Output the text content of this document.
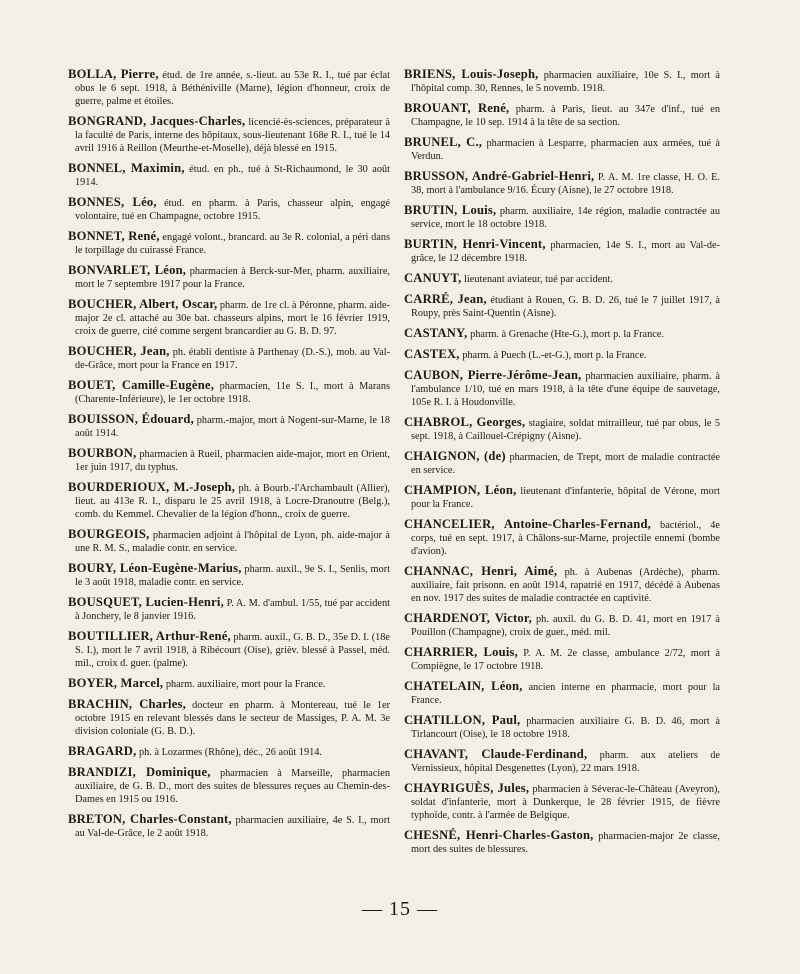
BOLLA, Pierre, étud. de 1re année, s.-lieut. au 53e R. I., tué par éclat obus le 6 sept. 1918, à Béthéniville (Marne), légion d'honneur, croix de guerre, palme et étoiles.
BONGRAND, Jacques-Charles, licencié-ès-sciences, préparateur à la faculté de Paris, interne des hôpitaux, sous-lieutenant 168e R. I., tué le 14 avril 1916 à Reillon (Meurthe-et-Moselle), déjà blessé en 1915.
BONNEL, Maximin, étud. en ph., tué à St-Richaumond, le 30 août 1914.
BONNES, Léo, étud. en pharm. à Paris, chasseur alpin, engagé volontaire, tué en Champagne, octobre 1915.
BONNET, René, engagé volont., brancard. au 3e R. colonial, a péri dans le torpillage du cuirassé France.
BONVARLET, Léon, pharmacien à Berck-sur-Mer, pharm. auxiliaire, mort le 7 septembre 1917 pour la France.
BOUCHER, Albert, Oscar, pharm. de 1re cl. à Péronne, pharm. aide-major 2e cl. attaché au 30e bat. chasseurs alpins, mort le 16 février 1919, croix de guerre, cité comme sergent brancardier au G. B. D. 97.
BOUCHER, Jean, ph. établi dentiste à Parthenay (D.-S.), mob. au Val-de-Grâce, mort pour la France en 1917.
BOUET, Camille-Eugène, pharmacien, 11e S. I., mort à Marans (Charente-Inférieure), le 1er octobre 1918.
BOUISSON, Édouard, pharm.-major, mort à Nogent-sur-Marne, le 18 août 1914.
BOURBON, pharmacien à Rueil, pharmacien aide-major, mort en Orient, 1er juin 1917, du typhus.
BOURDERIOUX, M.-Joseph, ph. à Bourb.-l'Archambault (Allier), lieut. au 413e R. I., disparu le 25 avril 1918, à Locre-Dranoutre (Belg.), comb. du Kemmel. Chevalier de la légion d'honn., croix de guerre.
BOURGEOIS, pharmacien adjoint à l'hôpital de Lyon, ph. aide-major à une R. M. S., maladie contr. en service.
BOURY, Léon-Eugène-Marius, pharm. auxil., 9e S. I., Senlis, mort le 3 août 1918, maladie contr. en service.
BOUSQUET, Lucien-Henri, P. A. M. d'ambul. 1/55, tué par accident à Jonchery, le 8 janvier 1916.
BOUTILLIER, Arthur-René, pharm. auxil., G. B. D., 35e D. I. (18e S. I.), mort le 7 avril 1918, à Ribécourt (Oise), grièv. blessé à Passel, méd. mil., croix d. guer. (palme).
BOYER, Marcel, pharm. auxiliaire, mort pour la France.
BRACHIN, Charles, docteur en pharm. à Montereau, tué le 1er octobre 1915 en relevant blessés dans le secteur de Massiges, P. A. M. 3e division coloniale (G. B. D.).
BRAGARD, ph. à Lozarmes (Rhône), déc., 26 août 1914.
BRANDIZI, Dominique, pharmacien à Marseille, pharmacien auxiliaire, de G. B. D., mort des suites de blessures reçues au Chemin-des-Dames en 1915 ou 1916.
BRETON, Charles-Constant, pharmacien auxiliaire, 4e S. I., mort au Val-de-Grâce, le 2 août 1918.
BRIENS, Louis-Joseph, pharmacien auxiliaire, 10e S. I., mort à l'hôpital comp. 30, Rennes, le 5 novemb. 1918.
BROUANT, René, pharm. à Paris, lieut. au 347e d'inf., tué en Champagne, le 10 sep. 1914 à la tête de sa section.
BRUNEL, C., pharmacien à Lesparre, pharmacien aux armées, tué à Verdun.
BRUSSON, André-Gabriel-Henri, P. A. M. 1re classe, H. O. E. 38, mort à l'ambulance 9/16. Écury (Aisne), le 27 octobre 1918.
BRUTIN, Louis, pharm. auxiliaire, 14e région, maladie contractée au service, mort le 18 octobre 1918.
BURTIN, Henri-Vincent, pharmacien, 14e S. I., mort au Val-de-grâce, le 12 décembre 1918.
CANUYT, lieutenant aviateur, tué par accident.
CARRÉ, Jean, étudiant à Rouen, G. B. D. 26, tué le 7 juillet 1917, à Roupy, près Saint-Quentin (Aisne).
CASTANY, pharm. à Grenache (Hte-G.), mort p. la France.
CASTEX, pharm. à Puech (L.-et-G.), mort p. la France.
CAUBON, Pierre-Jérôme-Jean, pharmacien auxiliaire, pharm. à l'ambulance 1/10, tué en mars 1918, à la tête d'une équipe de sauvetage, 105e R. I. à Houdonville.
CHABROL, Georges, stagiaire, soldat mitrailleur, tué par obus, le 5 sept. 1918, à Caillouel-Crépigny (Aisne).
CHAIGNON, (de) pharmacien, de Trept, mort de maladie contractée en service.
CHAMPION, Léon, lieutenant d'infanterie, hôpital de Vérone, mort pour la France.
CHANCELIER, Antoine-Charles-Fernand, bactériol., 4e corps, tué en sept. 1917, à Châlons-sur-Marne, projectile ennemi (bombe d'avion).
CHANNAC, Henri, Aimé, ph. à Aubenas (Ardèche), pharm. auxiliaire, fait prisonn. en août 1914, rapatrié en 1917, décédé à Aubenas en nov. 1917 des suites de maladie contractée en captivité.
CHARDENOT, Victor, ph. auxil. du G. B. D. 41, mort en 1917 à Pouillon (Champagne), croix de guer., méd. mil.
CHARRIER, Louis, P. A. M. 2e classe, ambulance 2/72, mort à Compiègne, le 17 octobre 1918.
CHATELAIN, Léon, ancien interne en pharmacie, mort pour la France.
CHATILLON, Paul, pharmacien auxiliaire G. B. D. 46, mort à Tirlancourt (Oise), le 18 octobre 1918.
CHAVANT, Claude-Ferdinand, pharm. aux ateliers de Vernissieux, hôpital Desgenettes (Lyon), 22 mars 1918.
CHAYRIGUÈS, Jules, pharmacien à Séverac-le-Château (Aveyron), soldat d'infanterie, mort à Dunkerque, le 28 février 1915, de fièvre typhoïde, contr. à l'armée de Belgique.
CHESNÉ, Henri-Charles-Gaston, pharmacien-major 2e classe, mort des suites de blessures.
— 15 —
